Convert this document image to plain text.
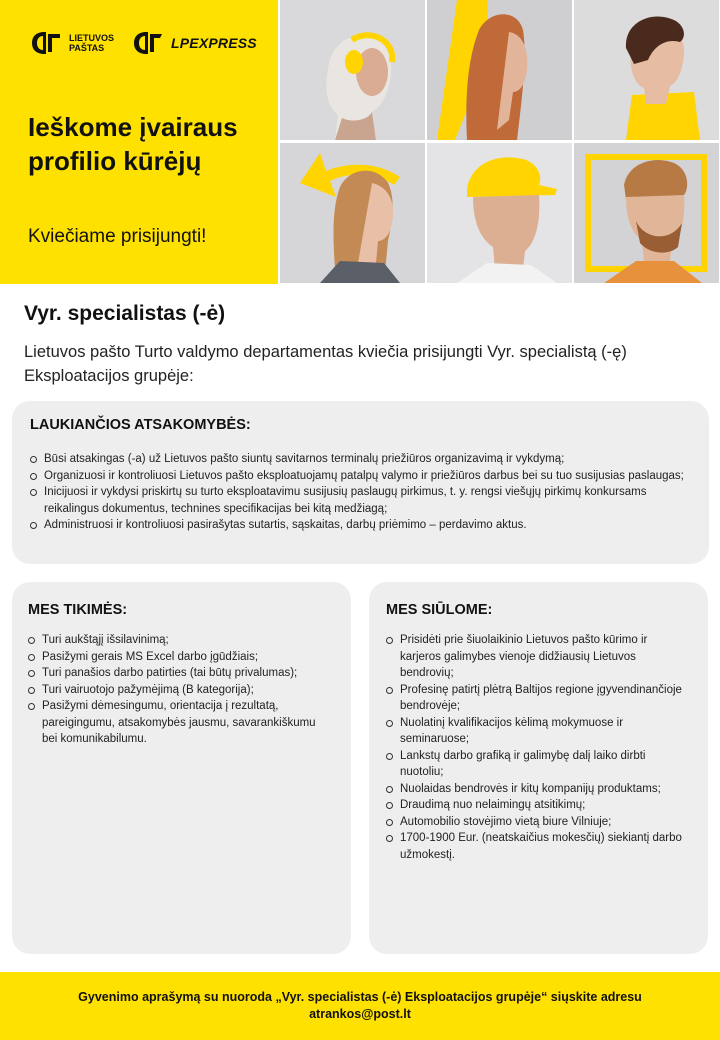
LIETUVOS
PAŠTAS	LPEXPRESS
Ieškome įvairaus
profilio kūrėjų
Kviečiame prisijungti!
Vyr. specialistas (-ė)

Lietuvos pašto Turto valdymo departamentas kviečia prisijungti Vyr. specialistą (-ę) Eksploatacijos grupėje:

LAUKIANČIOS ATSAKOMYBĖS:
Būsi atsakingas (-a) už Lietuvos pašto siuntų savitarnos terminalų priežiūros organizavimą ir vykdymą;
Organizuosi ir kontroliuosi Lietuvos pašto eksploatuojamų patalpų valymo ir priežiūros darbus bei su tuo susijusias paslaugas;
Inicijuosi ir vykdysi priskirtų su turto eksploatavimu susijusių paslaugų pirkimus, t. y. rengsi viešųjų pirkimų konkursams reikalingus dokumentus, technines specifikacijas bei kitą medžiagą;
Administruosi ir kontroliuosi pasirašytas sutartis, sąskaitas, darbų priėmimo – perdavimo aktus.
MES TIKIMĖS:
Turi aukštąjį išsilavinimą;
Pasižymi gerais MS Excel darbo įgūdžiais;
Turi panašios darbo patirties (tai būtų privalumas);
Turi vairuotojo pažymėjimą (B kategorija);
Pasižymi dėmesingumu, orientacija į rezultatą, pareigingumu, atsakomybės jausmu, savarankiškumu bei komunikabilumu.
MES SIŪLOME:
Prisidėti prie šiuolaikinio Lietuvos pašto kūrimo ir karjeros galimybes vienoje didžiausių Lietuvos bendrovių;
Profesinę patirtį plėtrą Baltijos regione įgyvendinančioje bendrovėje;
Nuolatinį kvalifikacijos kėlimą mokymuose ir seminaruose;
Lankstų darbo grafiką ir galimybę dalį laiko dirbti nuotoliu;
Nuolaidas bendrovės ir kitų kompanijų produktams;
Draudimą nuo nelaimingų atsitikimų;
Automobilio stovėjimo vietą biure Vilniuje;
1700-1900 Eur. (neatskaičius mokesčių) siekiantį darbo užmokestį.

Gyvenimo aprašymą su nuoroda „Vyr. specialistas (-ė) Eksploatacijos grupėje“ siųskite adresu

atrankos@post.lt
